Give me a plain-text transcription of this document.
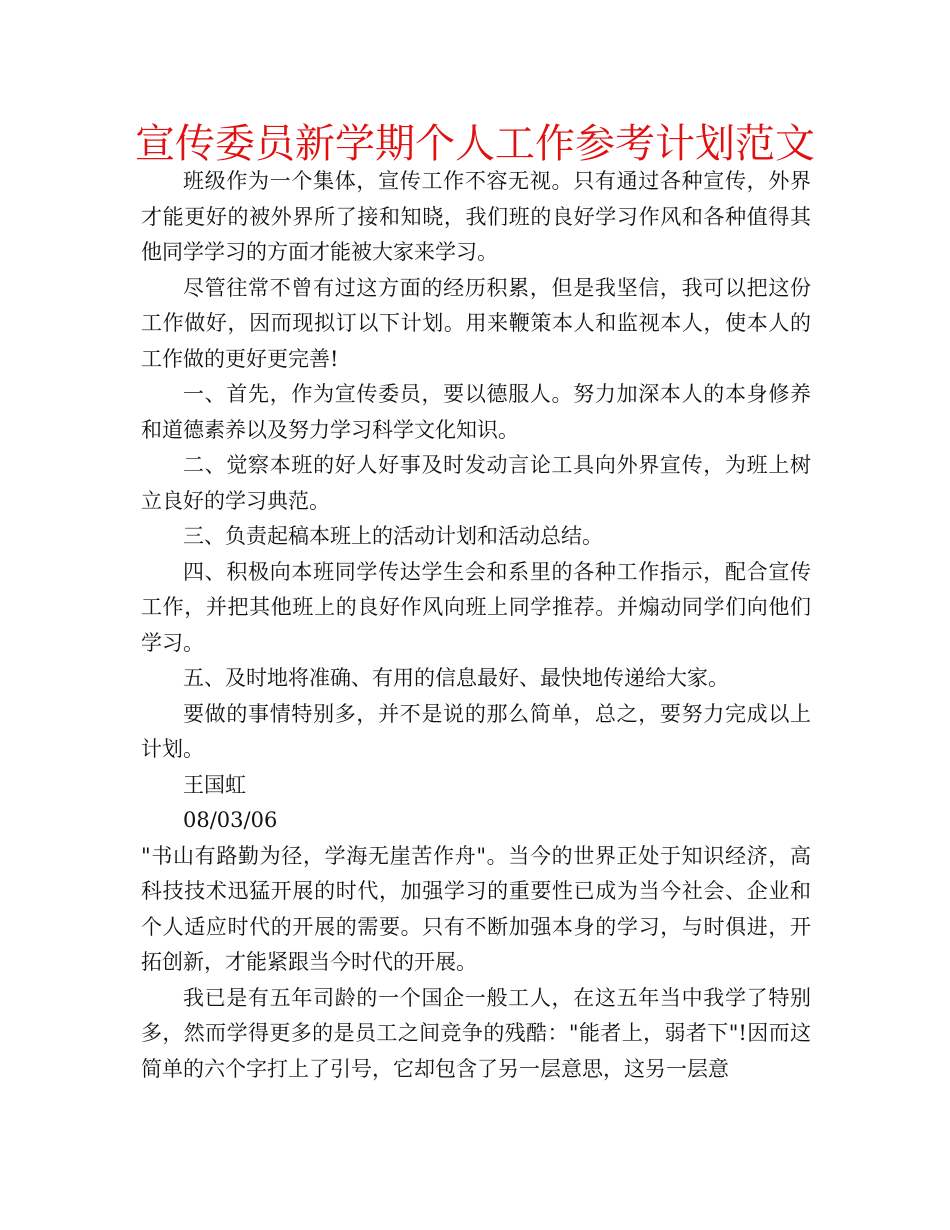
宣传委员新学期个人工作参考计划范文

班级作为一个集体，宣传工作不容无视。只有通过各种宣传，外界才能更好的被外界所了接和知晓，我们班的良好学习作风和各种值得其他同学学习的方面才能被大家来学习。

尽管往常不曾有过这方面的经历积累，但是我坚信，我可以把这份工作做好，因而现拟订以下计划。用来鞭策本人和监视本人，使本人的工作做的更好更完善!

一、首先，作为宣传委员，要以德服人。努力加深本人的本身修养和道德素养以及努力学习科学文化知识。

二、觉察本班的好人好事及时发动言论工具向外界宣传，为班上树立良好的学习典范。

三、负责起稿本班上的活动计划和活动总结。

四、积极向本班同学传达学生会和系里的各种工作指示，配合宣传工作，并把其他班上的良好作风向班上同学推荐。并煽动同学们向他们学习。

五、及时地将准确、有用的信息最好、最快地传递给大家。

要做的事情特别多，并不是说的那么简单，总之，要努力完成以上计划。

王国虹

08/03/06

"书山有路勤为径，学海无崖苦作舟"。当今的世界正处于知识经济，高科技技术迅猛开展的时代，加强学习的重要性已成为当今社会、企业和个人适应时代的开展的需要。只有不断加强本身的学习，与时俱进，开拓创新，才能紧跟当今时代的开展。

我已是有五年司龄的一个国企一般工人，在这五年当中我学了特别多，然而学得更多的是员工之间竞争的残酷："能者上，弱者下"!因而这简单的六个字打上了引号，它却包含了另一层意思，这另一层意
